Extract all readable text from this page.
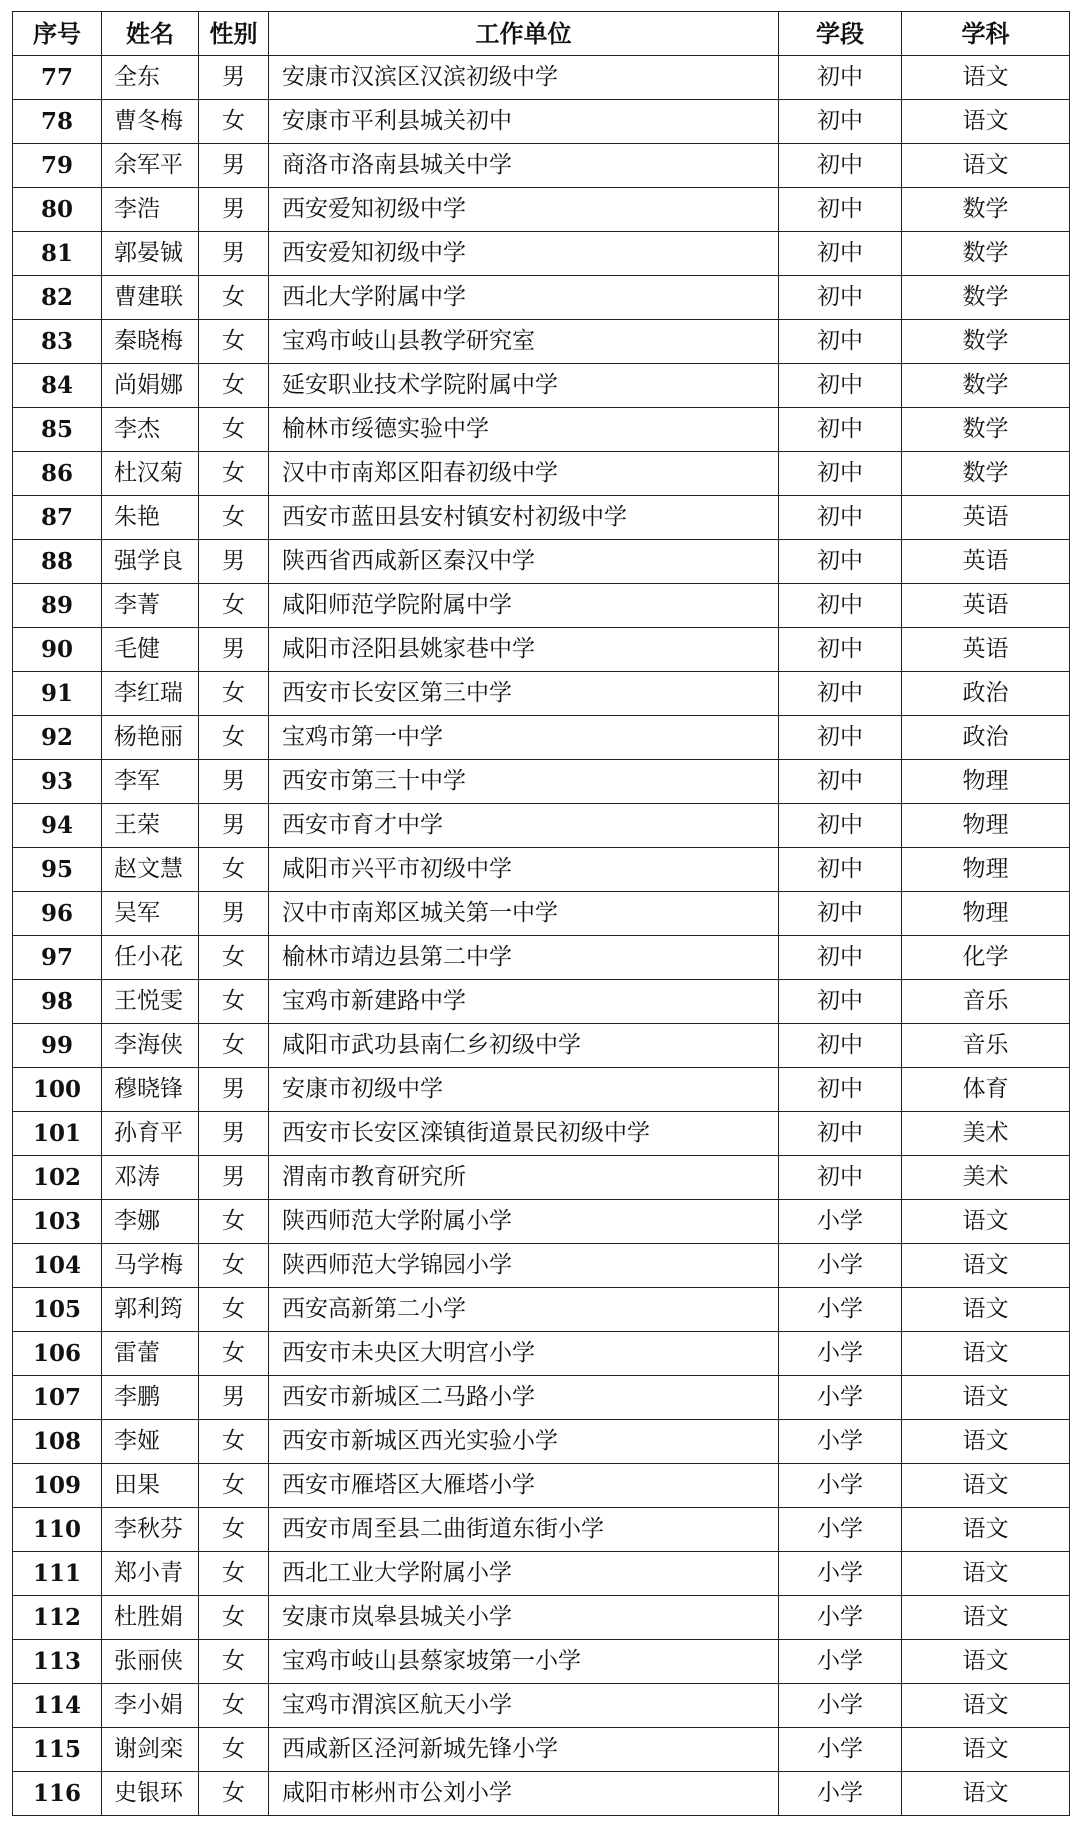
序号	姓名	性别	工作单位	学段	学科
77	全东	男	安康市汉滨区汉滨初级中学	初中	语文
78	曹冬梅	女	安康市平利县城关初中	初中	语文
79	余军平	男	商洛市洛南县城关中学	初中	语文
80	李浩	男	西安爱知初级中学	初中	数学
81	郭晏铖	男	西安爱知初级中学	初中	数学
82	曹建联	女	西北大学附属中学	初中	数学
83	秦晓梅	女	宝鸡市岐山县教学研究室	初中	数学
84	尚娟娜	女	延安职业技术学院附属中学	初中	数学
85	李杰	女	榆林市绥德实验中学	初中	数学
86	杜汉菊	女	汉中市南郑区阳春初级中学	初中	数学
87	朱艳	女	西安市蓝田县安村镇安村初级中学	初中	英语
88	强学良	男	陕西省西咸新区秦汉中学	初中	英语
89	李菁	女	咸阳师范学院附属中学	初中	英语
90	毛健	男	咸阳市泾阳县姚家巷中学	初中	英语
91	李红瑞	女	西安市长安区第三中学	初中	政治
92	杨艳丽	女	宝鸡市第一中学	初中	政治
93	李军	男	西安市第三十中学	初中	物理
94	王荣	男	西安市育才中学	初中	物理
95	赵文慧	女	咸阳市兴平市初级中学	初中	物理
96	吴军	男	汉中市南郑区城关第一中学	初中	物理
97	任小花	女	榆林市靖边县第二中学	初中	化学
98	王悦雯	女	宝鸡市新建路中学	初中	音乐
99	李海侠	女	咸阳市武功县南仁乡初级中学	初中	音乐
100	穆晓锋	男	安康市初级中学	初中	体育
101	孙育平	男	西安市长安区滦镇街道景民初级中学	初中	美术
102	邓涛	男	渭南市教育研究所	初中	美术
103	李娜	女	陕西师范大学附属小学	小学	语文
104	马学梅	女	陕西师范大学锦园小学	小学	语文
105	郭利筠	女	西安高新第二小学	小学	语文
106	雷蕾	女	西安市未央区大明宫小学	小学	语文
107	李鹏	男	西安市新城区二马路小学	小学	语文
108	李娅	女	西安市新城区西光实验小学	小学	语文
109	田果	女	西安市雁塔区大雁塔小学	小学	语文
110	李秋芬	女	西安市周至县二曲街道东街小学	小学	语文
111	郑小青	女	西北工业大学附属小学	小学	语文
112	杜胜娟	女	安康市岚皋县城关小学	小学	语文
113	张丽侠	女	宝鸡市岐山县蔡家坡第一小学	小学	语文
114	李小娟	女	宝鸡市渭滨区航天小学	小学	语文
115	谢剑栾	女	西咸新区泾河新城先锋小学	小学	语文
116	史银环	女	咸阳市彬州市公刘小学	小学	语文
